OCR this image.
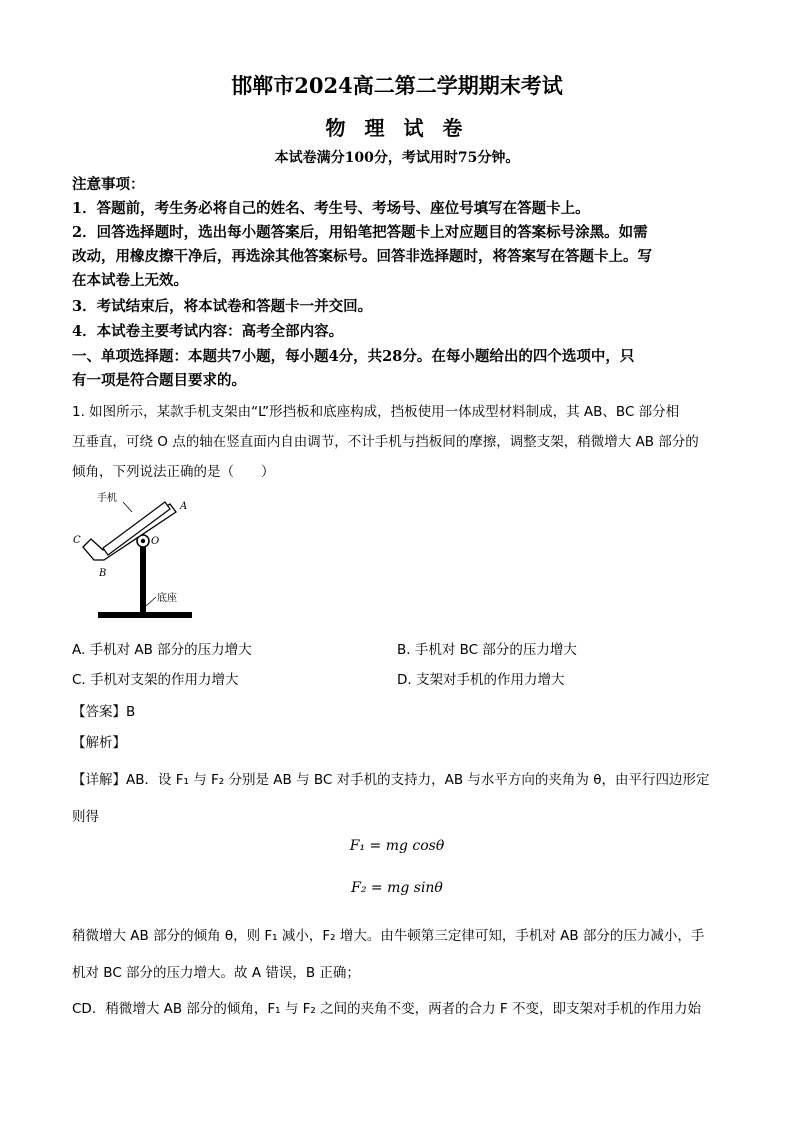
邯郸市2024高二第二学期期末考试
物 理 试 卷
本试卷满分100分，考试用时75分钟。
注意事项：
1．答题前，考生务必将自己的姓名、考生号、考场号、座位号填写在答题卡上。
2．回答选择题时，选出每小题答案后，用铅笔把答题卡上对应题目的答案标号涂黑。如需
改动，用橡皮擦干净后，再选涂其他答案标号。回答非选择题时，将答案写在答题卡上。写
在本试卷上无效。
3．考试结束后，将本试卷和答题卡一并交回。
4．本试卷主要考试内容：高考全部内容。
一、单项选择题：本题共7小题，每小题4分，共28分。在每小题给出的四个选项中，只
有一项是符合题目要求的。
1. 如图所示，某款手机支架由“L”形挡板和底座构成，挡板使用一体成型材料制成，其 AB、BC 部分相
互垂直，可绕 O 点的轴在竖直面内自由调节，不计手机与挡板间的摩擦，调整支架，稍微增大 AB 部分的
倾角，下列说法正确的是（　　）
手机
A
C
B
O
底座
A. 手机对 AB 部分的压力增大	B. 手机对 BC 部分的压力增大
C. 手机对支架的作用力增大	D. 支架对手机的作用力增大
【答案】B
【解析】
【详解】AB．设 F₁ 与 F₂ 分别是 AB 与 BC 对手机的支持力，AB 与水平方向的夹角为 θ，由平行四边形定
则得
F₁ = mg cosθ
F₂ = mg sinθ
稍微增大 AB 部分的倾角 θ，则 F₁ 减小，F₂ 增大。由牛顿第三定律可知，手机对 AB 部分的压力减小，手
机对 BC 部分的压力增大。故 A 错误，B 正确；
CD．稍微增大 AB 部分的倾角，F₁ 与 F₂ 之间的夹角不变，两者的合力 F 不变，即支架对手机的作用力始
